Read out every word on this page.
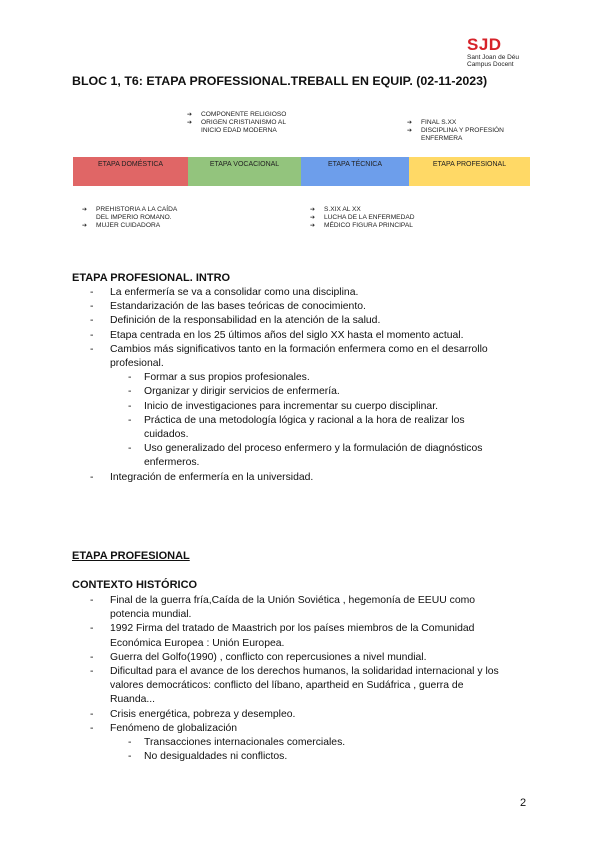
SJD
Sant Joan de Déu
Campus Docent
BLOC 1, T6: ETAPA PROFESSIONAL.TREBALL EN EQUIP. (02-11-2023)
➔ COMPONENTE RELIGIOSO
➔ ORIGEN CRISTIANISMO AL
INICIO EDAD MODERNA
➔ FINAL S.XX
➔ DISCIPLINA Y PROFESIÓN
ENFERMERA
ETAPA DOMÉSTICA	ETAPA VOCACIONAL	ETAPA TÉCNICA	ETAPA PROFESIONAL
➔ PREHISTORIA A LA CAÍDA
DEL IMPERIO ROMANO.
➔ MUJER CUIDADORA
➔ S.XIX AL XX
➔ LUCHA DE LA ENFERMEDAD
➔ MÉDICO FIGURA PRINCIPAL
ETAPA PROFESIONAL. INTRO
- La enfermería se va a consolidar como una disciplina.
- Estandarización de las bases teóricas de conocimiento.
- Definición de la responsabilidad en la atención de la salud.
- Etapa centrada en los 25 últimos años del siglo XX hasta el momento actual.
- Cambios más significativos tanto en la formación enfermera como en el desarrollo
profesional.
- Formar a sus propios profesionales.
- Organizar y dirigir servicios de enfermería.
- Inicio de investigaciones para incrementar su cuerpo disciplinar.
- Práctica de una metodología lógica y racional a la hora de realizar los
cuidados.
- Uso generalizado del proceso enfermero y la formulación de diagnósticos
enfermeros.
- Integración de enfermería en la universidad.
ETAPA PROFESIONAL
CONTEXTO HISTÓRICO
- Final de la guerra fría,Caída de la Unión Soviética , hegemonía de EEUU como
potencia mundial.
- 1992 Firma del tratado de Maastrich por los países miembros de la Comunidad
Económica Europea : Unión Europea.
- Guerra del Golfo(1990) , conflicto con repercusiones a nivel mundial.
- Dificultad para el avance de los derechos humanos, la solidaridad internacional y los
valores democráticos: conflicto del líbano, apartheid en Sudáfrica , guerra de
Ruanda...
- Crisis energética, pobreza y desempleo.
- Fenómeno de globalización
- Transacciones internacionales comerciales.
- No desigualdades ni conflictos.
2
